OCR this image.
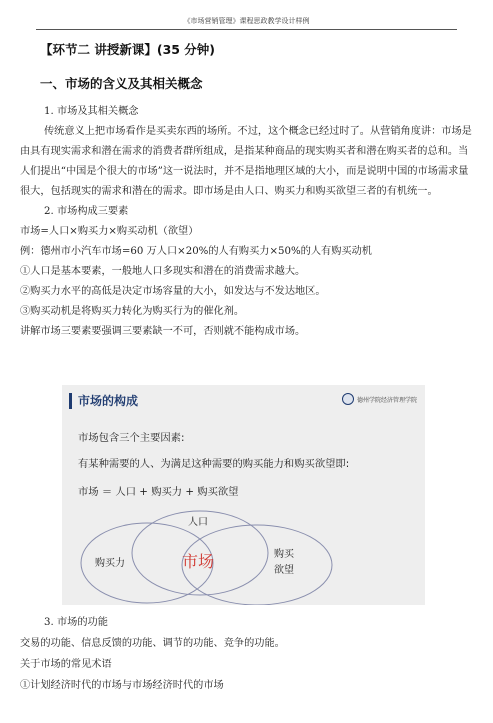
《市场营销管理》课程思政教学设计样例
【环节二 讲授新课】(35 分钟)
一、市场的含义及其相关概念

1. 市场及其相关概念

传统意义上把市场看作是买卖东西的场所。不过，这个概念已经过时了。从营销角度讲：市场是由具有现实需求和潜在需求的消费者群所组成，是指某种商品的现实购买者和潜在购买者的总和。当人们提出“中国是个很大的市场”这一说法时，并不是指地理区域的大小，而是说明中国的市场需求量很大，包括现实的需求和潜在的需求。即市场是由人口、购买力和购买欲望三者的有机统一。

2. 市场构成三要素

市场=人口×购买力×购买动机（欲望）

例：德州市小汽车市场=60 万人口×20%的人有购买力×50%的人有购买动机

①人口是基本要素，一般地人口多现实和潜在的消费需求越大。

②购买力水平的高低是决定市场容量的大小，如发达与不发达地区。

③购买动机是将购买力转化为购买行为的催化剂。

讲解市场三要素要强调三要素缺一不可，否则就不能构成市场。

市场的构成	德州学院经济管理学院
市场包含三个主要因素:
有某种需要的人、为满足这种需要的购买能力和购买欲望即:
市场 ＝ 人口 + 购买力 + 购买欲望
人口
购买力
购买
欲望
市场

3. 市场的功能

交易的功能、信息反馈的功能、调节的功能、竞争的功能。

关于市场的常见术语

①计划经济时代的市场与市场经济时代的市场
